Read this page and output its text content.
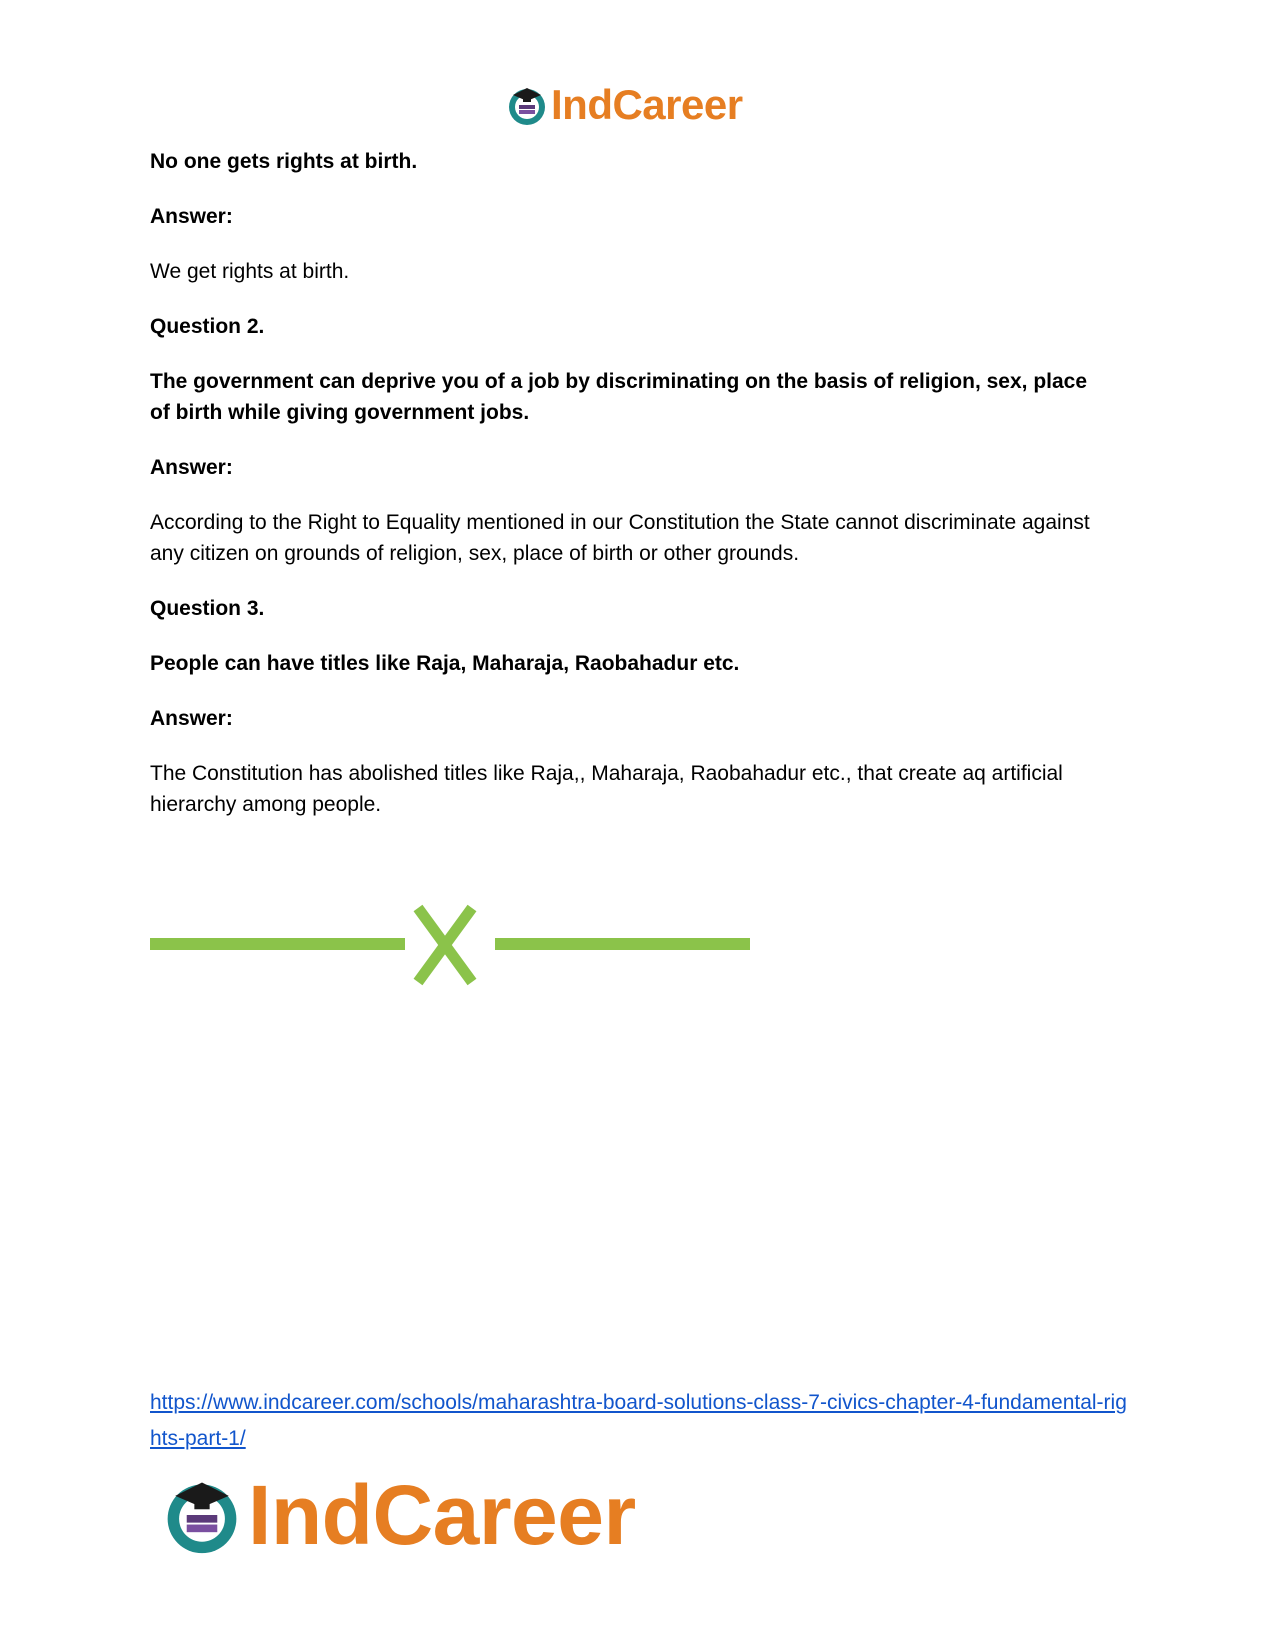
IndCareer

No one gets rights at birth.

Answer:

We get rights at birth.

Question 2.

The government can deprive you of a job by discriminating on the basis of religion, sex, place of birth while giving government jobs.

Answer:

According to the Right to Equality mentioned in our Constitution the State cannot discriminate against any citizen on grounds of religion, sex, place of birth or other grounds.

Question 3.

People can have titles like Raja, Maharaja, Raobahadur etc.

Answer:

The Constitution has abolished titles like Raja,, Maharaja, Raobahadur etc., that create aq artificial hierarchy among people.

https://www.indcareer.com/schools/maharashtra-board-solutions-class-7-civics-chapter-4-fundamental-rights-part-1/
IndCareer
